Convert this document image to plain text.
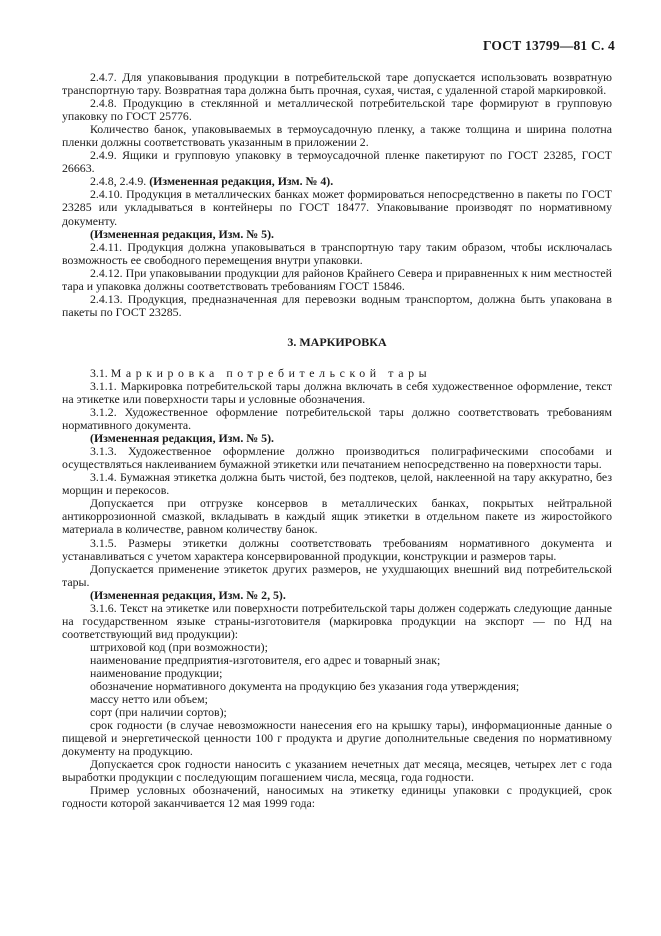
ГОСТ 13799—81 С. 4

2.4.7. Для упаковывания продукции в потребительской таре допускается использовать возвратную транспортную тару. Возвратная тара должна быть прочная, сухая, чистая, с удаленной старой маркировкой.

2.4.8. Продукцию в стеклянной и металлической потребительской таре формируют в групповую упаковку по ГОСТ 25776.

Количество банок, упаковываемых в термоусадочную пленку, а также толщина и ширина полотна пленки должны соответствовать указанным в приложении 2.

2.4.9. Ящики и групповую упаковку в термоусадочной пленке пакетируют по ГОСТ 23285, ГОСТ 26663.

2.4.8, 2.4.9. (Измененная редакция, Изм. № 4).

2.4.10. Продукция в металлических банках может формироваться непосредственно в пакеты по ГОСТ 23285 или укладываться в контейнеры по ГОСТ 18477. Упаковывание производят по нормативному документу.

(Измененная редакция, Изм. № 5).

2.4.11. Продукция должна упаковываться в транспортную тару таким образом, чтобы исключалась возможность ее свободного перемещения внутри упаковки.

2.4.12. При упаковывании продукции для районов Крайнего Севера и приравненных к ним местностей тара и упаковка должны соответствовать требованиям ГОСТ 15846.

2.4.13. Продукция, предназначенная для перевозки водным транспортом, должна быть упакована в пакеты по ГОСТ 23285.

3. МАРКИРОВКА

3.1. Маркировка потребительской тары

3.1.1. Маркировка потребительской тары должна включать в себя художественное оформление, текст на этикетке или поверхности тары и условные обозначения.

3.1.2. Художественное оформление потребительской тары должно соответствовать требованиям нормативного документа.

(Измененная редакция, Изм. № 5).

3.1.3. Художественное оформление должно производиться полиграфическими способами и осуществляться наклеиванием бумажной этикетки или печатанием непосредственно на поверхности тары.

3.1.4. Бумажная этикетка должна быть чистой, без подтеков, целой, наклеенной на тару аккуратно, без морщин и перекосов.

Допускается при отгрузке консервов в металлических банках, покрытых нейтральной антикоррозионной смазкой, вкладывать в каждый ящик этикетки в отдельном пакете из жиростойкого материала в количестве, равном количеству банок.

3.1.5. Размеры этикетки должны соответствовать требованиям нормативного документа и устанавливаться с учетом характера консервированной продукции, конструкции и размеров тары.

Допускается применение этикеток других размеров, не ухудшающих внешний вид потребительской тары.

(Измененная редакция, Изм. № 2, 5).

3.1.6. Текст на этикетке или поверхности потребительской тары должен содержать следующие данные на государственном языке страны-изготовителя (маркировка продукции на экспорт — по НД на соответствующий вид продукции):

штриховой код (при возможности);

наименование предприятия-изготовителя, его адрес и товарный знак;

наименование продукции;

обозначение нормативного документа на продукцию без указания года утверждения;

массу нетто или объем;

сорт (при наличии сортов);

срок годности (в случае невозможности нанесения его на крышку тары), информационные данные о пищевой и энергетической ценности 100 г продукта и другие дополнительные сведения по нормативному документу на продукцию.

Допускается срок годности наносить с указанием нечетных дат месяца, месяцев, четырех лет с года выработки продукции с последующим погашением числа, месяца, года годности.

Пример условных обозначений, наносимых на этикетку единицы упаковки с продукцией, срок годности которой заканчивается 12 мая 1999 года:
